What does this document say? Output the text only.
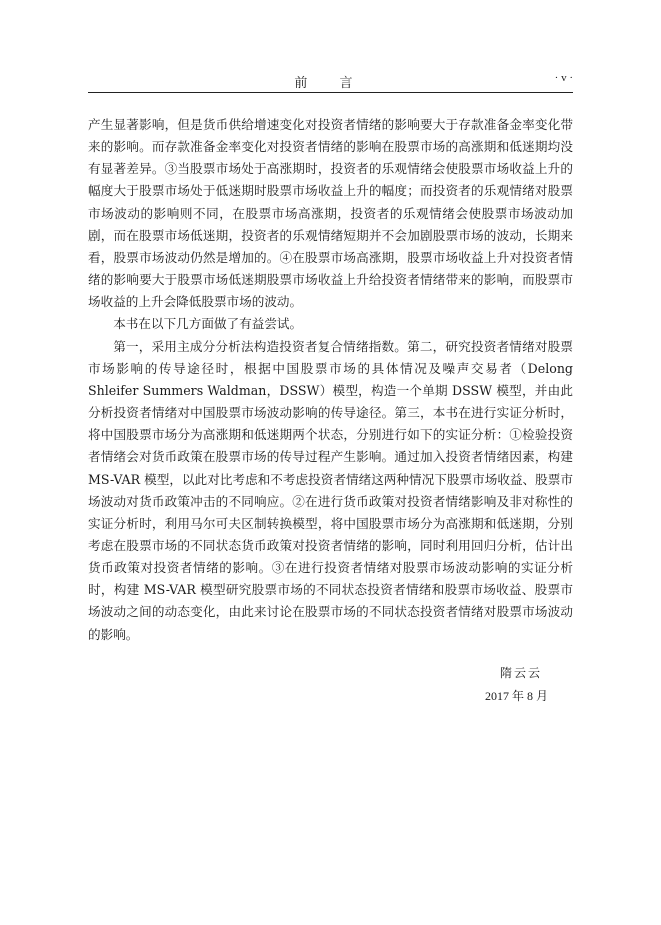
前 言	· v ·

产生显著影响，但是货币供给增速变化对投资者情绪的影响要大于存款准备金率变化带来的影响。而存款准备金率变化对投资者情绪的影响在股票市场的高涨期和低迷期均没有显著差异。③当股票市场处于高涨期时，投资者的乐观情绪会使股票市场收益上升的幅度大于股票市场处于低迷期时股票市场收益上升的幅度；而投资者的乐观情绪对股票市场波动的影响则不同，在股票市场高涨期，投资者的乐观情绪会使股票市场波动加剧，而在股票市场低迷期，投资者的乐观情绪短期并不会加剧股票市场的波动，长期来看，股票市场波动仍然是增加的。④在股票市场高涨期，股票市场收益上升对投资者情绪的影响要大于股票市场低迷期股票市场收益上升给投资者情绪带来的影响，而股票市场收益的上升会降低股票市场的波动。

本书在以下几方面做了有益尝试。

第一，采用主成分分析法构造投资者复合情绪指数。第二，研究投资者情绪对股票市场影响的传导途径时，根据中国股票市场的具体情况及噪声交易者（Delong Shleifer Summers Waldman，DSSW）模型，构造一个单期 DSSW 模型，并由此分析投资者情绪对中国股票市场波动影响的传导途径。第三，本书在进行实证分析时，将中国股票市场分为高涨期和低迷期两个状态，分别进行如下的实证分析：①检验投资者情绪会对货币政策在股票市场的传导过程产生影响。通过加入投资者情绪因素，构建 MS-VAR 模型，以此对比考虑和不考虑投资者情绪这两种情况下股票市场收益、股票市场波动对货币政策冲击的不同响应。②在进行货币政策对投资者情绪影响及非对称性的实证分析时，利用马尔可夫区制转换模型，将中国股票市场分为高涨期和低迷期，分别考虑在股票市场的不同状态货币政策对投资者情绪的影响，同时利用回归分析，估计出货币政策对投资者情绪的影响。③在进行投资者情绪对股票市场波动影响的实证分析时，构建 MS-VAR 模型研究股票市场的不同状态投资者情绪和股票市场收益、股票市场波动之间的动态变化，由此来讨论在股票市场的不同状态投资者情绪对股票市场波动的影响。

隋云云
2017 年 8 月
